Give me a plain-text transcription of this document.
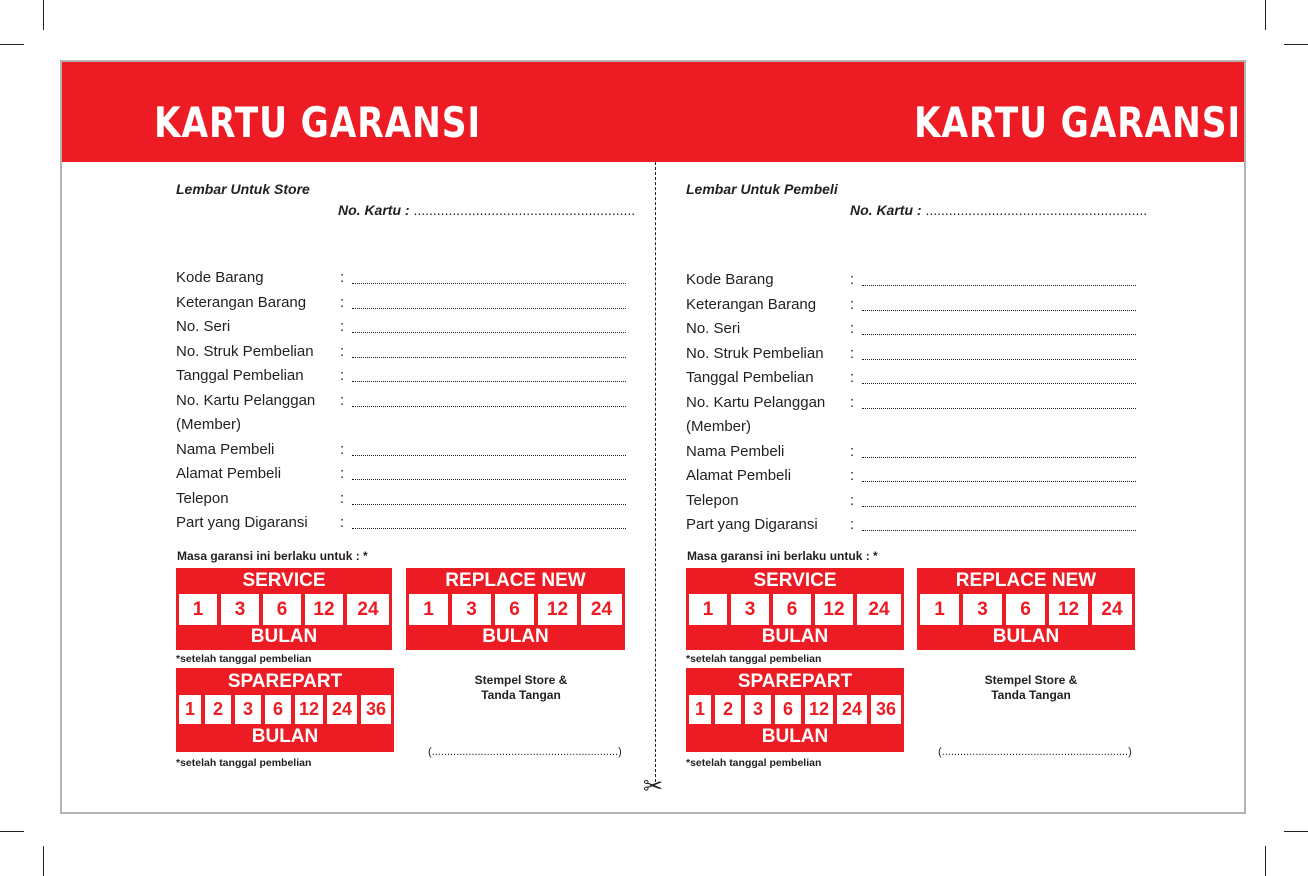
KARTU GARANSI	KARTU GARANSI
✂
Lembar Untuk Store
No. Kartu : .........................................................
Kode Barang	:
Keterangan Barang :
No. Seri	:
No. Struk Pembelian :
Tanggal Pembelian :
No. Kartu Pelanggan :
(Member)
Nama Pembeli	:
Alamat Pembeli	:
Telepon	:
Part yang Digaransi :
Masa garansi ini berlaku untuk : *
SERVICE
1	3	6	12	24
BULAN
*setelah tanggal pembelian
REPLACE NEW
1	3	6	12	24
BULAN
SPAREPART
1 2	3	6 12 24 36
BULAN
*setelah tanggal pembelian
Stempel Store &
Tanda Tangan
(.............................................................)
Lembar Untuk Pembeli
No. Kartu : .........................................................
Kode Barang	:
Keterangan Barang :
No. Seri	:
No. Struk Pembelian :
Tanggal Pembelian :
No. Kartu Pelanggan :
(Member)
Nama Pembeli	:
Alamat Pembeli	:
Telepon	:
Part yang Digaransi :
Masa garansi ini berlaku untuk : *
SERVICE
1	3	6	12	24
BULAN
*setelah tanggal pembelian
REPLACE NEW
1	3	6	12	24
BULAN
SPAREPART
1 2	3	6 12 24 36
BULAN
*setelah tanggal pembelian
Stempel Store &
Tanda Tangan
(.............................................................)
